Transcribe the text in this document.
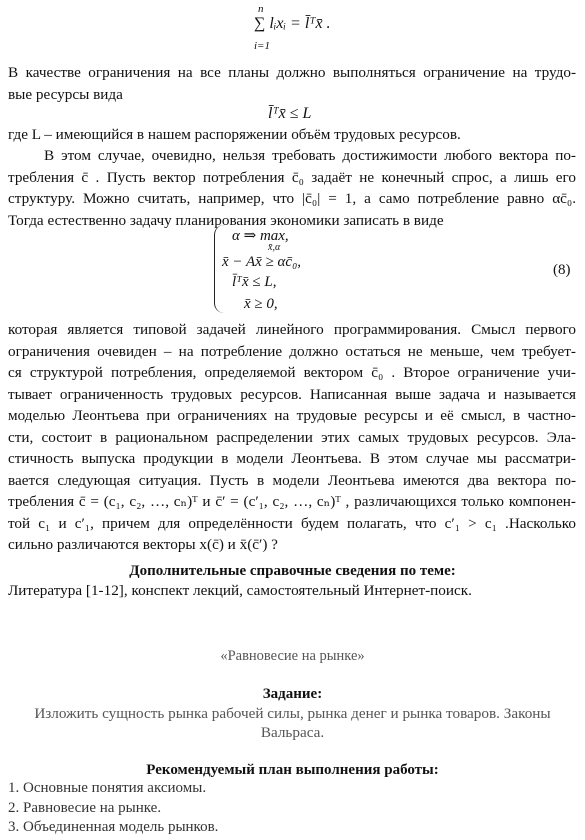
n
∑ lᵢxᵢ = l̄ᵀx̄ .
i=1
В качестве ограничения на все планы должно выполняться ограничение на трудо-
вые ресурсы вида
l̄ᵀx̄ ≤ L
где L – имеющийся в нашем распоряжении объём трудовых ресурсов.
В этом случае, очевидно, нельзя требовать достижимости любого вектора по-
требления c̄ . Пусть вектор потребления c̄₀ задаёт не конечный спрос, а лишь его
структуру. Можно считать, например, что |c̄₀| = 1, а само потребление равно αc̄₀.
Тогда естественно задачу планирования экономики записать в виде
α ⇒ max,
x̄,α
x̄ − Ax̄ ≥ αc̄₀,
l̄ᵀx̄ ≤ L,
x̄ ≥ 0,
(8)
которая является типовой задачей линейного программирования. Смысл первого
ограничения очевиден – на потребление должно остаться не меньше, чем требует-
ся структурой потребления, определяемой вектором c̄₀ . Второе ограничение учи-
тывает ограниченность трудовых ресурсов. Написанная выше задача и называется
моделью Леонтьева при ограничениях на трудовые ресурсы и её смысл, в частно-
сти, состоит в рациональном распределении этих самых трудовых ресурсов. Эла-
стичность выпуска продукции в модели Леонтьева. В этом случае мы рассматри-
вается следующая ситуация. Пусть в модели Леонтьева имеются два вектора по-
требления c̄ = (c₁, c₂, …, cₙ)ᵀ и c̄′ = (c′₁, c₂, …, cₙ)ᵀ , различающихся только компонен-
той c₁ и c′₁, причем для определённости будем полагать, что c′₁ > c₁ .Насколько
сильно различаются векторы x(c̄) и x̄(c̄′) ?
Дополнительные справочные сведения по теме:
Литература [1-12], конспект лекций, самостоятельный Интернет-поиск.
«Равновесие на рынке»
Задание:
Изложить сущность рынка рабочей силы, рынка денег и рынка товаров. Законы
Вальраса.
Рекомендуемый план выполнения работы:
1. Основные понятия аксиомы.
2. Равновесие на рынке.
3. Объединенная модель рынков.
